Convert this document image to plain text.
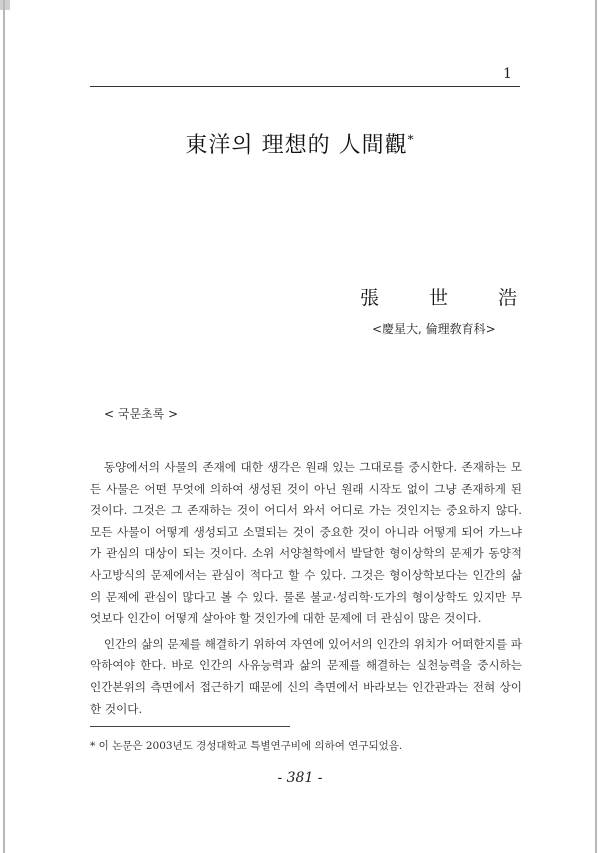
1
東洋의 理想的 人間觀*
張 世 浩
<慶星大, 倫理敎育科>
< 국문초록 >

동양에서의 사물의 존재에 대한 생각은 원래 있는 그대로를 중시한다. 존재하는 모든 사물은 어떤 무엇에 의하여 생성된 것이 아닌 원래 시작도 없이 그냥 존재하게 된 것이다. 그것은 그 존재하는 것이 어디서 와서 어디로 가는 것인지는 중요하지 않다. 모든 사물이 어떻게 생성되고 소멸되는 것이 중요한 것이 아니라 어떻게 되어 가느냐가 관심의 대상이 되는 것이다. 소위 서양철학에서 발달한 형이상학의 문제가 동양적 사고방식의 문제에서는 관심이 적다고 할 수 있다. 그것은 형이상학보다는 인간의 삶의 문제에 관심이 많다고 볼 수 있다. 물론 불교·성리학·도가의 형이상학도 있지만 무엇보다 인간이 어떻게 살아야 할 것인가에 대한 문제에 더 관심이 많은 것이다.

인간의 삶의 문제를 해결하기 위하여 자연에 있어서의 인간의 위치가 어떠한지를 파악하여야 한다. 바로 인간의 사유능력과 삶의 문제를 해결하는 실천능력을 중시하는 인간본위의 측면에서 접근하기 때문에 신의 측면에서 바라보는 인간관과는 전혀 상이한 것이다.

* 이 논문은 2003년도 경성대학교 특별연구비에 의하여 연구되었음.
- 381 -
